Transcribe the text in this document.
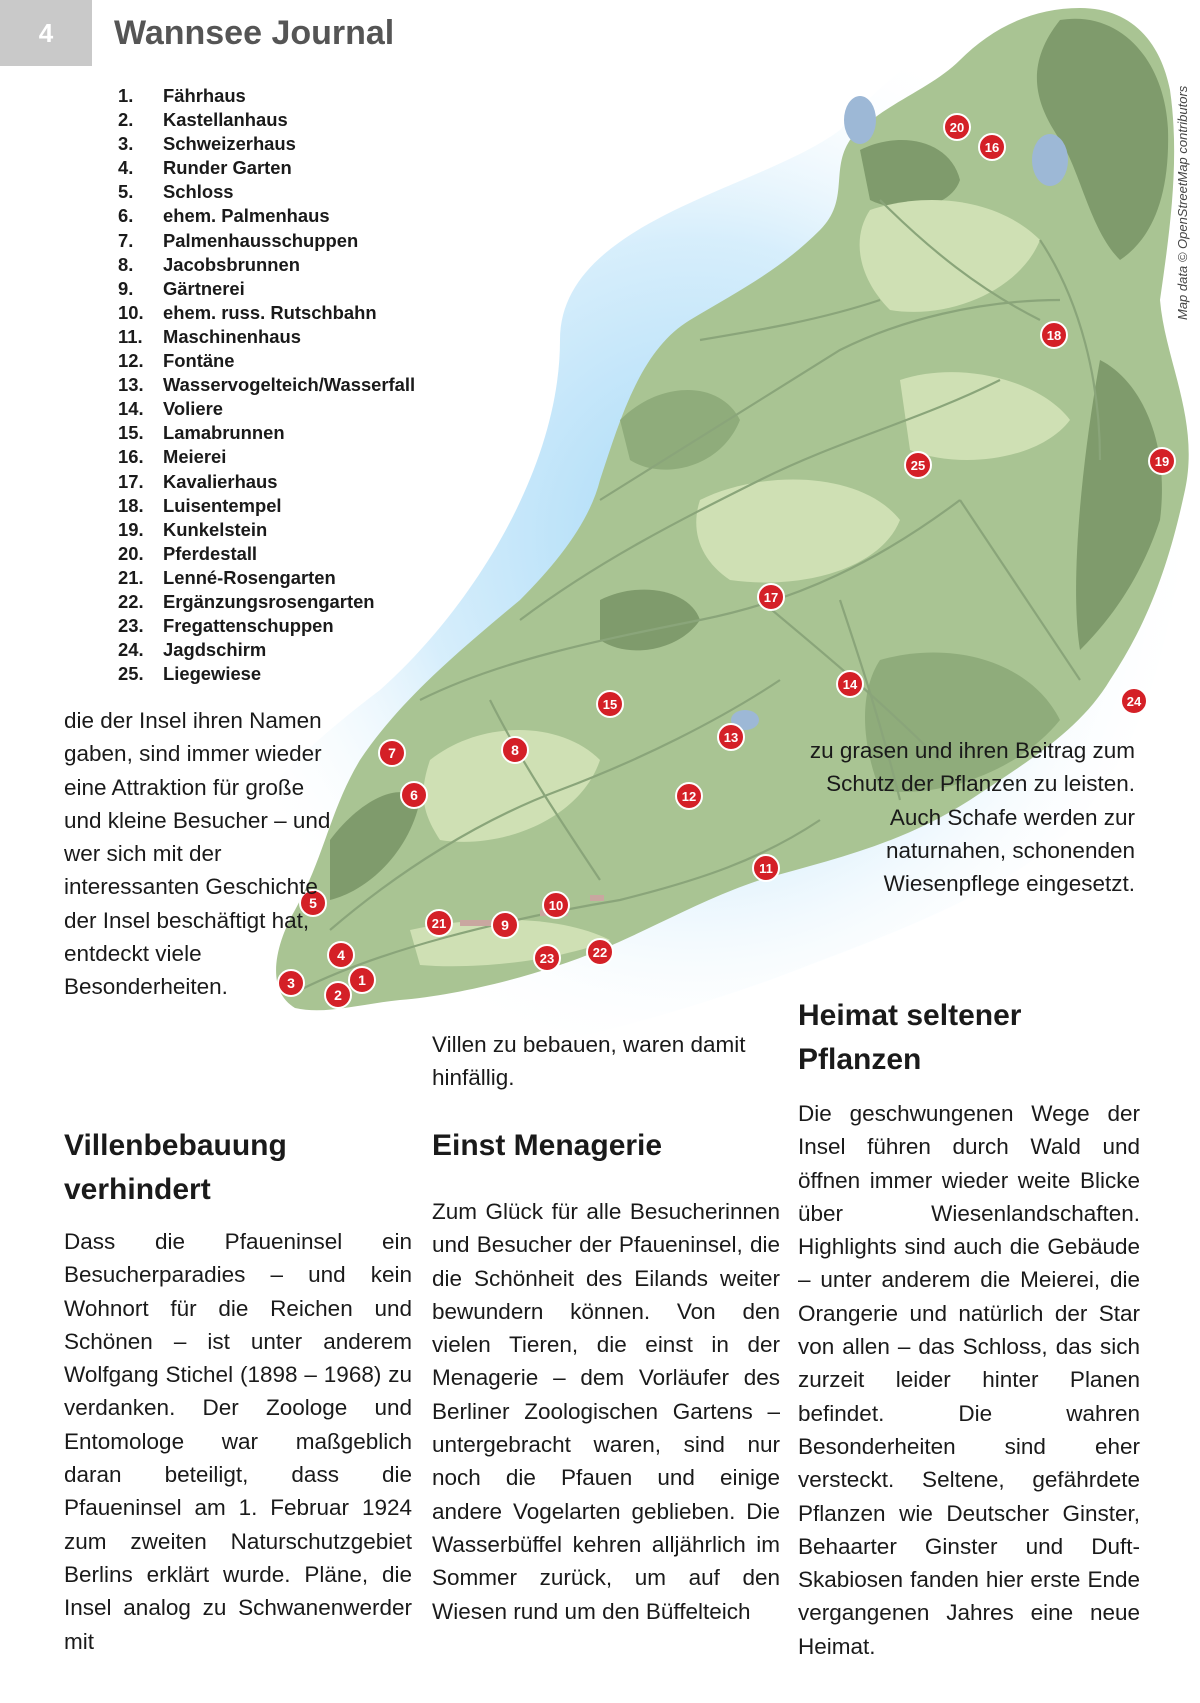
1
2
3
4
5
6
7	8
9
10
11
12
13
14
15
16
17
18
19
20
21
22
23
24
25
4	Wannsee Journal
Map data © OpenStreetMap contributors
1. Fährhaus
2. Kastellanhaus
3. Schweizerhaus
4. Runder Garten
5. Schloss
6. ehem. Palmenhaus
7. Palmenhausschuppen
8. Jacobsbrunnen
9. Gärtnerei
10. ehem. russ. Rutschbahn
11. Maschinenhaus
12. Fontäne
13. Wasservogelteich/Wasserfall
14. Voliere
15. Lamabrunnen
16. Meierei
17. Kavalierhaus
18. Luisentempel
19. Kunkelstein
20. Pferdestall
21. Lenné-Rosengarten
22. Ergänzungsrosengarten
23. Fregattenschuppen
24. Jagdschirm
25. Liegewiese

die der Insel ihren Namen gaben, sind immer wieder eine Attraktion für große und kleine Besucher – und wer sich mit der interessanten Geschichte der Insel beschäftigt hat, entdeckt viele Besonderheiten.

Villen zu bebauen, waren damit hinfällig.

zu grasen und ihren Beitrag zum Schutz der Pflanzen zu leisten. Auch Schafe werden zur naturnahen, schonenden Wiesenpflege eingesetzt.

Villenbebauung verhindert

Dass die Pfaueninsel ein Besucherparadies – und kein Wohnort für die Reichen und Schönen – ist unter anderem Wolfgang Stichel (1898 – 1968) zu verdanken. Der Zoologe und Entomologe war maßgeblich daran beteiligt, dass die Pfaueninsel am 1. Februar 1924 zum zweiten Naturschutzgebiet Berlins erklärt wurde. Pläne, die Insel analog zu Schwanenwerder mit

Einst Menagerie

Zum Glück für alle Besucherinnen und Besucher der Pfaueninsel, die die Schönheit des Eilands weiter bewundern können. Von den vielen Tieren, die einst in der Menagerie – dem Vorläufer des Berliner Zoologischen Gartens – untergebracht waren, sind nur noch die Pfauen und einige andere Vogelarten geblieben. Die Wasserbüffel kehren alljährlich im Sommer zurück, um auf den Wiesen rund um den Büffelteich

Heimat seltener Pflanzen

Die geschwungenen Wege der Insel führen durch Wald und öffnen immer wieder weite Blicke über Wiesenlandschaften. Highlights sind auch die Gebäude – unter anderem die Meierei, die Orangerie und natürlich der Star von allen – das Schloss, das sich zurzeit leider hinter Planen befindet. Die wahren Besonderheiten sind eher versteckt. Seltene, gefährdete Pflanzen wie Deutscher Ginster, Behaarter Ginster und Duft-Skabiosen fanden hier erste Ende vergangenen Jahres eine neue Heimat.
